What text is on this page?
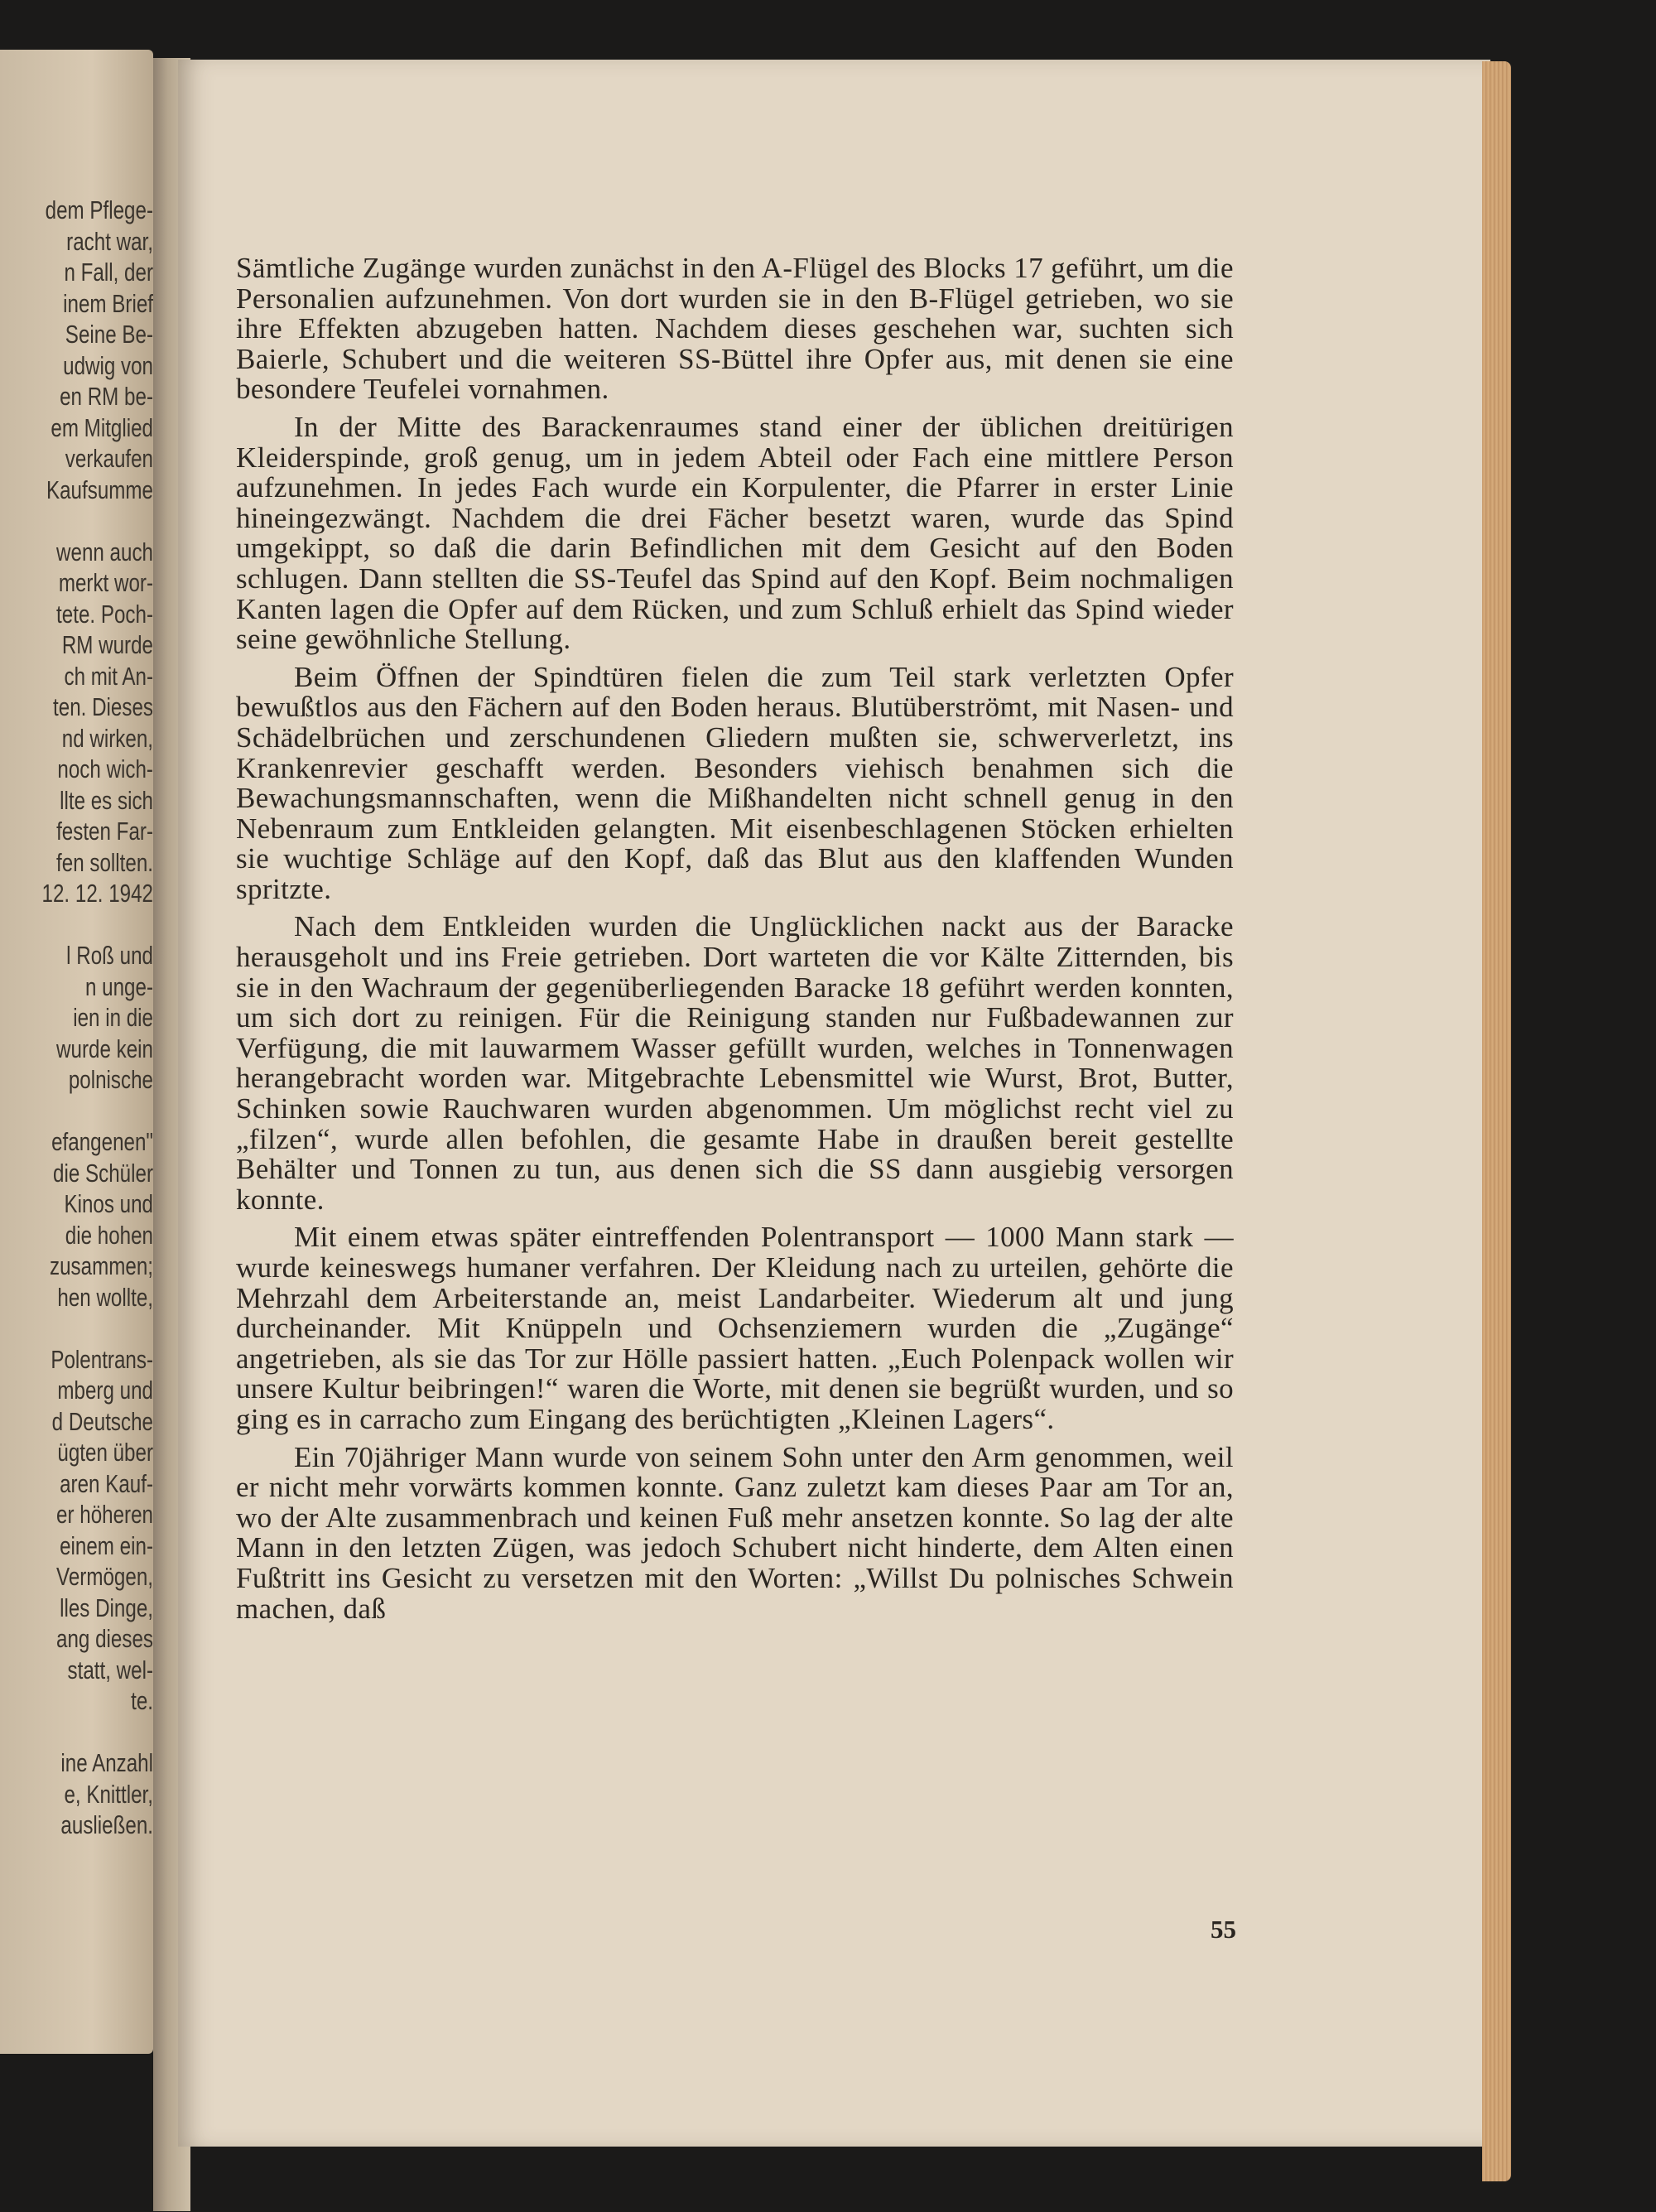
dem Pflege-
racht war,
n Fall, der
inem Brief
Seine Be-
udwig von
en RM be-
em Mitglied
verkaufen
Kaufsumme
wenn auch
merkt wor-
tete. Poch-
RM wurde
ch mit An-
ten. Dieses
nd wirken,
noch wich-
llte es sich
festen Far-
fen sollten.
12. 12. 1942
l Roß und
n unge-
ien in die
wurde kein
polnische
efangenen"
die Schüler
Kinos und
die hohen
zusammen;
hen wollte,
Polentrans-
mberg und
d Deutsche
ügten über
aren Kauf-
er höheren
einem ein-
Vermögen,
lles Dinge,
ang dieses
statt, wel-
te.
ine Anzahl
e, Knittler,
ausließen.

Sämtliche Zugänge wurden zunächst in den A-Flügel des Blocks 17 geführt, um die Personalien aufzunehmen. Von dort wurden sie in den B-Flügel getrieben, wo sie ihre Effekten abzugeben hatten. Nachdem dieses geschehen war, suchten sich Baierle, Schubert und die weiteren SS-Büttel ihre Opfer aus, mit denen sie eine besondere Teufelei vornahmen.

In der Mitte des Barackenraumes stand einer der üblichen dreitürigen Kleiderspinde, groß genug, um in jedem Abteil oder Fach eine mittlere Person aufzunehmen. In jedes Fach wurde ein Korpulenter, die Pfarrer in erster Linie hineingezwängt. Nachdem die drei Fächer besetzt waren, wurde das Spind umgekippt, so daß die darin Befindlichen mit dem Gesicht auf den Boden schlugen. Dann stellten die SS-Teufel das Spind auf den Kopf. Beim nochmaligen Kanten lagen die Opfer auf dem Rücken, und zum Schluß erhielt das Spind wieder seine gewöhnliche Stellung.

Beim Öffnen der Spindtüren fielen die zum Teil stark verletzten Opfer bewußtlos aus den Fächern auf den Boden heraus. Blutüberströmt, mit Nasen- und Schädelbrüchen und zerschundenen Gliedern mußten sie, schwerverletzt, ins Krankenrevier geschafft werden. Besonders viehisch benahmen sich die Bewachungsmannschaften, wenn die Mißhandelten nicht schnell genug in den Nebenraum zum Entkleiden gelangten. Mit eisenbeschlagenen Stöcken erhielten sie wuchtige Schläge auf den Kopf, daß das Blut aus den klaffenden Wunden spritzte.

Nach dem Entkleiden wurden die Unglücklichen nackt aus der Baracke herausgeholt und ins Freie getrieben. Dort warteten die vor Kälte Zitternden, bis sie in den Wachraum der gegenüberliegenden Baracke 18 geführt werden konnten, um sich dort zu reinigen. Für die Reinigung standen nur Fußbadewannen zur Verfügung, die mit lauwarmem Wasser gefüllt wurden, welches in Tonnenwagen herangebracht worden war. Mitgebrachte Lebensmittel wie Wurst, Brot, Butter, Schinken sowie Rauchwaren wurden abgenommen. Um möglichst recht viel zu „filzen“, wurde allen befohlen, die gesamte Habe in draußen bereit gestellte Behälter und Tonnen zu tun, aus denen sich die SS dann ausgiebig versorgen konnte.

Mit einem etwas später eintreffenden Polentransport — 1000 Mann stark — wurde keineswegs humaner verfahren. Der Kleidung nach zu urteilen, gehörte die Mehrzahl dem Arbeiterstande an, meist Landarbeiter. Wiederum alt und jung durcheinander. Mit Knüppeln und Ochsenziemern wurden die „Zugänge“ angetrieben, als sie das Tor zur Hölle passiert hatten. „Euch Polenpack wollen wir unsere Kultur beibringen!“ waren die Worte, mit denen sie begrüßt wurden, und so ging es in carracho zum Eingang des berüchtigten „Kleinen Lagers“.

Ein 70jähriger Mann wurde von seinem Sohn unter den Arm genommen, weil er nicht mehr vorwärts kommen konnte. Ganz zuletzt kam dieses Paar am Tor an, wo der Alte zusammenbrach und keinen Fuß mehr ansetzen konnte. So lag der alte Mann in den letzten Zügen, was jedoch Schubert nicht hinderte, dem Alten einen Fußtritt ins Gesicht zu versetzen mit den Worten: „Willst Du polnisches Schwein machen, daß

55
